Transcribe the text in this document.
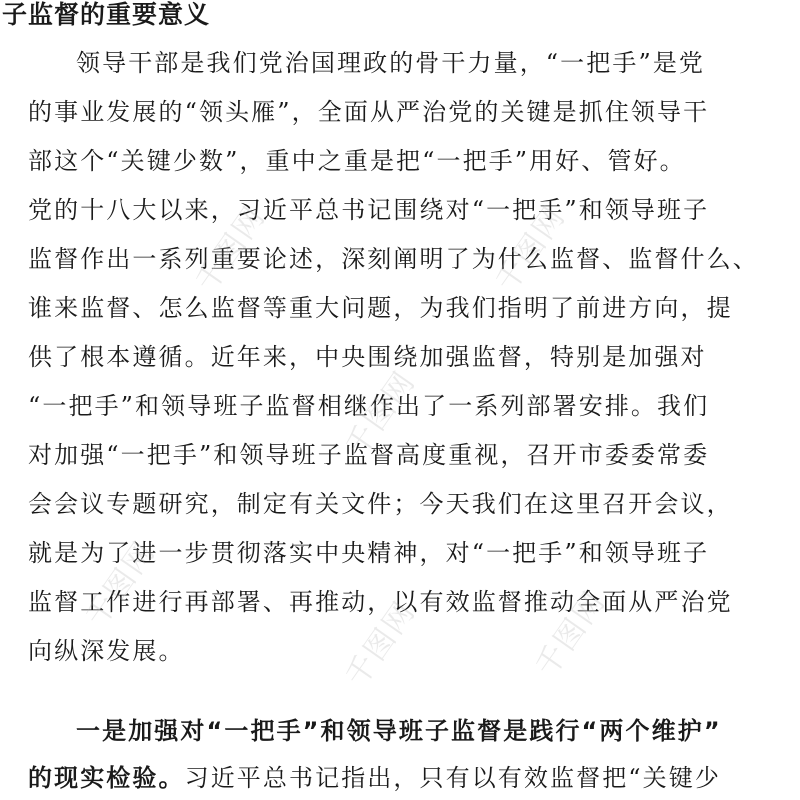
子监督的重要意义
领导干部是我们党治国理政的骨干力量，“一把手”是党
的事业发展的“领头雁”，全面从严治党的关键是抓住领导干
部这个“关键少数”，重中之重是把“一把手”用好、管好。
党的十八大以来，习近平总书记围绕对“一把手”和领导班子
监督作出一系列重要论述，深刻阐明了为什么监督、监督什么、
谁来监督、怎么监督等重大问题，为我们指明了前进方向，提
供了根本遵循。近年来，中央围绕加强监督，特别是加强对
“一把手”和领导班子监督相继作出了一系列部署安排。我们
对加强“一把手”和领导班子监督高度重视，召开市委委常委
会会议专题研究，制定有关文件；今天我们在这里召开会议，
就是为了进一步贯彻落实中央精神，对“一把手”和领导班子
监督工作进行再部署、再推动，以有效监督推动全面从严治党
向纵深发展。
一是加强对“一把手”和领导班子监督是践行“两个维护”
的现实检验。习近平总书记指出，只有以有效监督把“关键少
千图网	千图网
千图网
千图网
千图网	千图网
